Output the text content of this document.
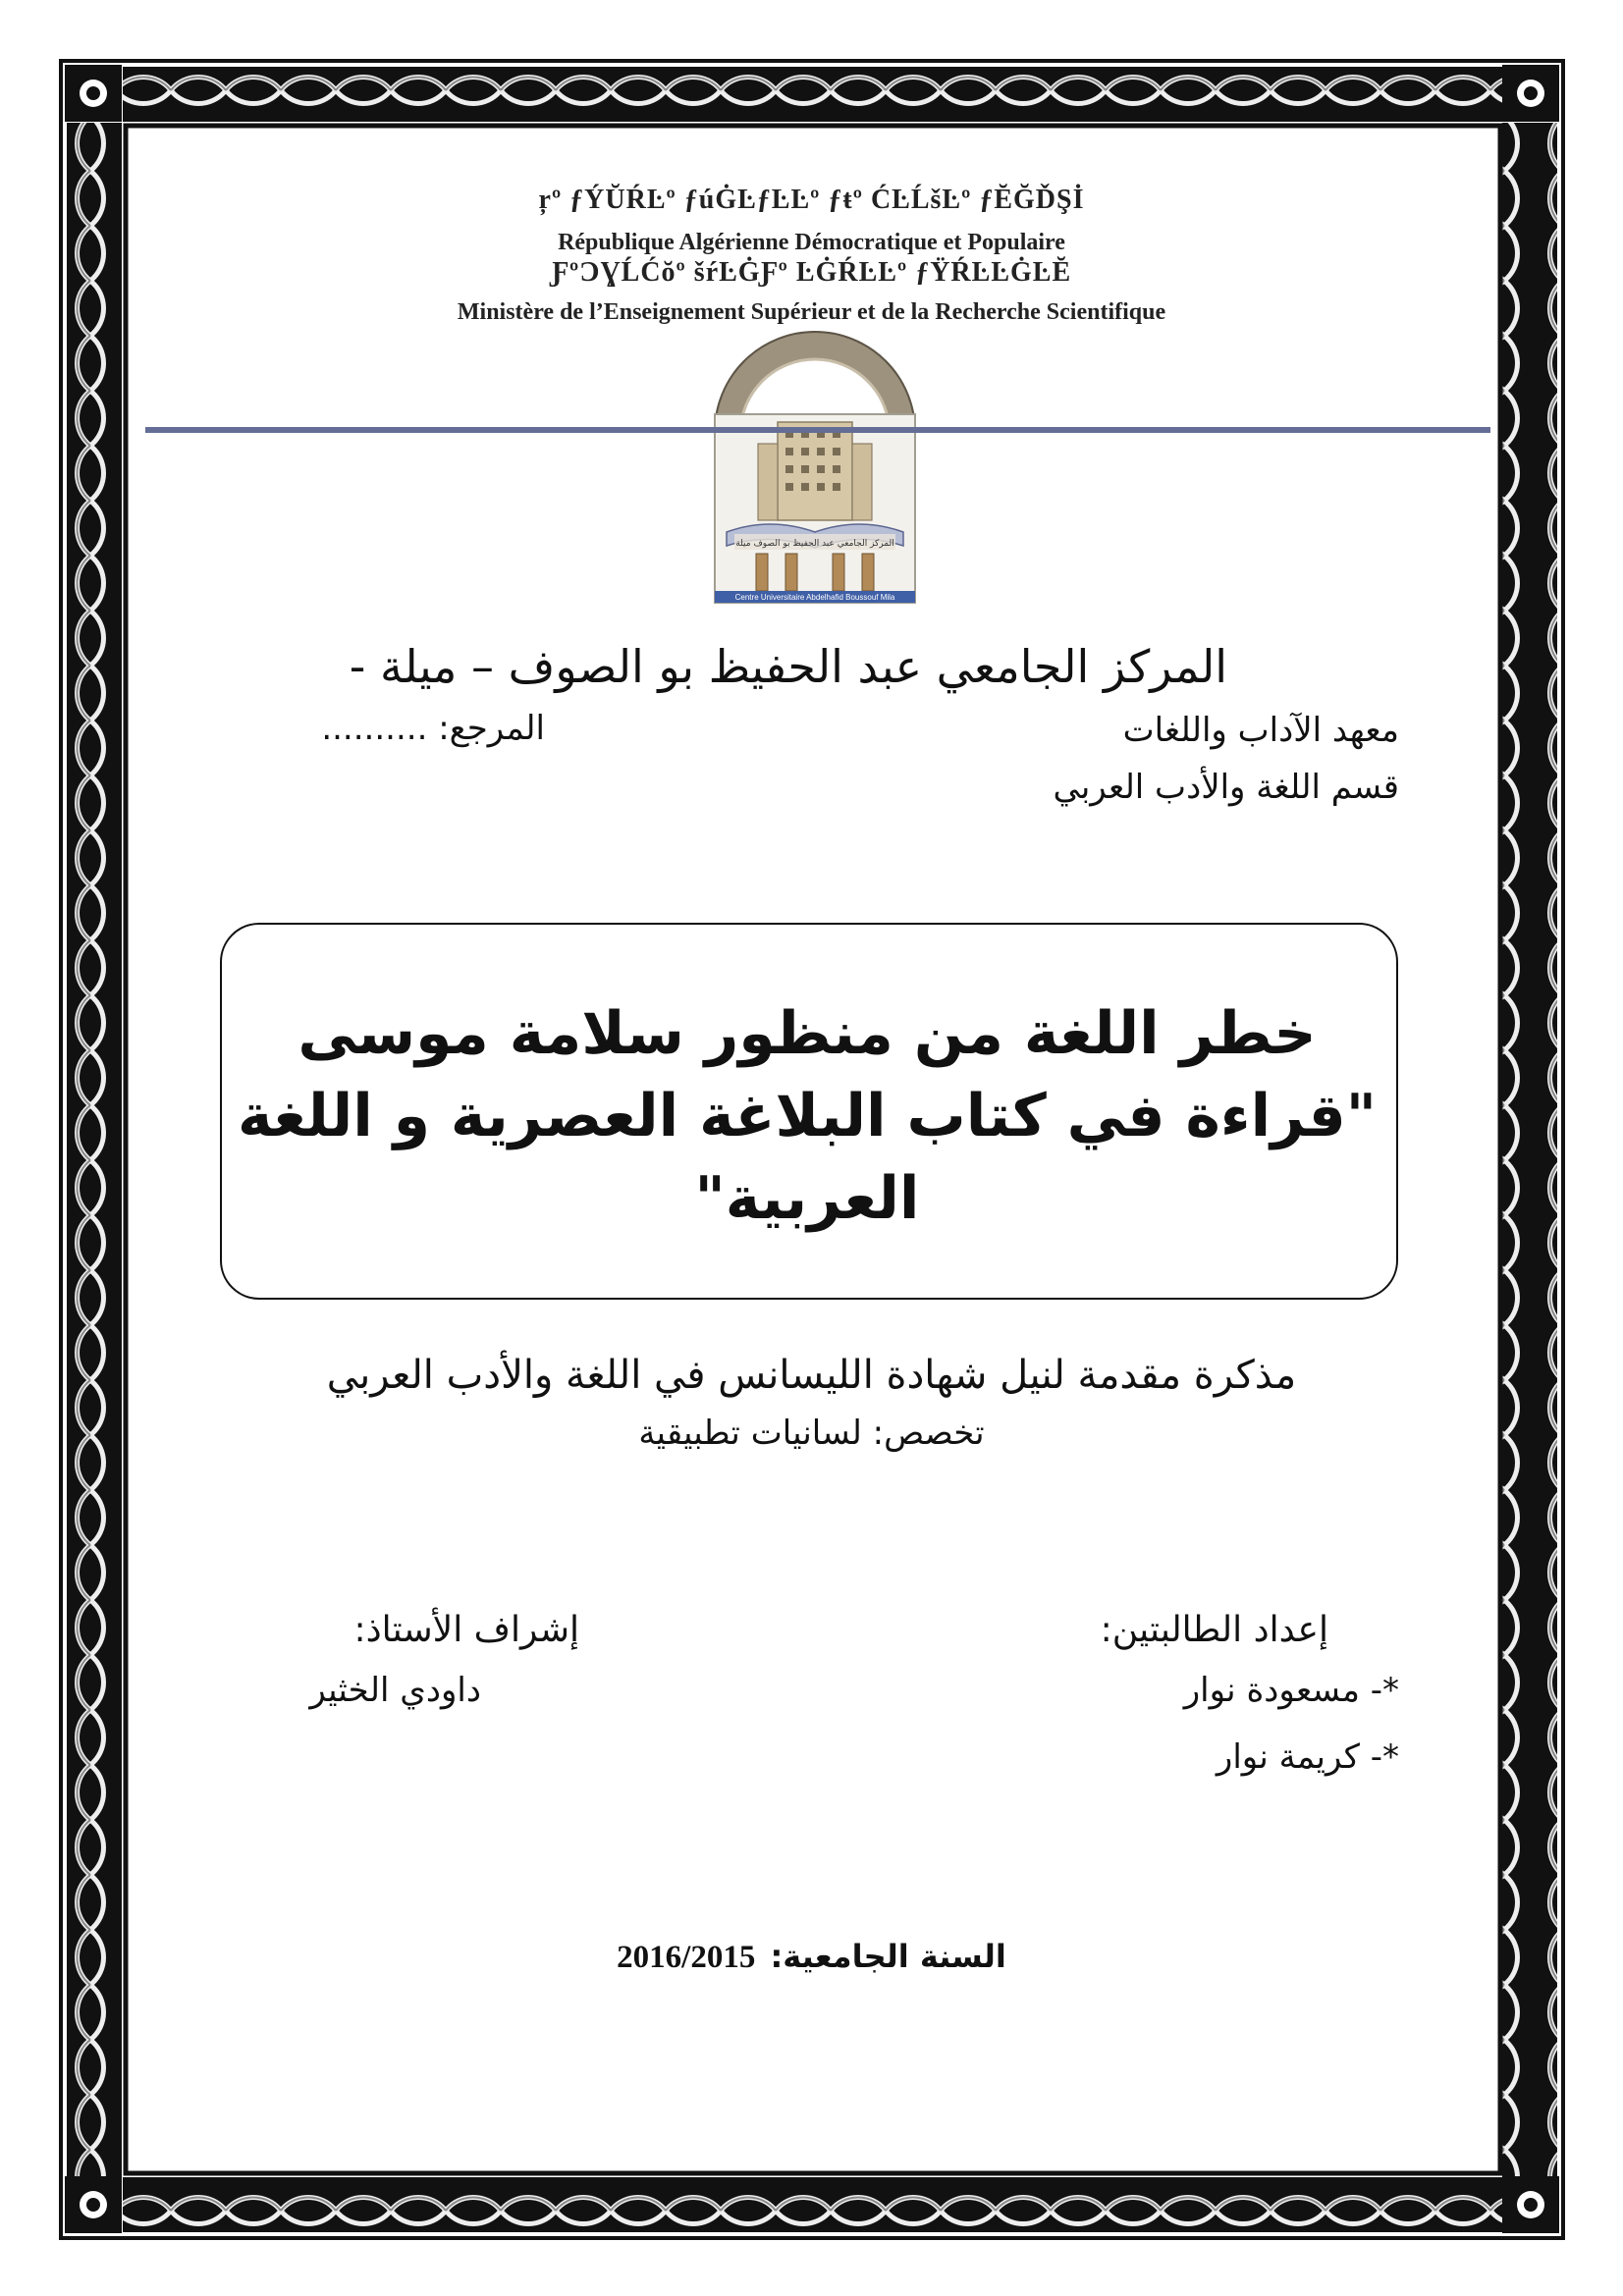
ŗº ƒÝŬŔĿº ƒúĠĿƒĿĿº ƒŧº ĆĿĹšĿº ƒĔĞĎŞİ
République Algérienne Démocratique et Populaire
ƑºƆƔĹĆŏº šŕĿĠƑº ĿĠŔĿĿº ƒŸŔĿĿĠĿĔ
Ministère de l’Enseignement Supérieur et de la Recherche Scientifique
المركز الجامعي عبد الحفيظ بو الصوف ميلة
Centre Universitaire Abdelhafid Boussouf Mila
المركز الجامعي عبد الحفيظ بو الصوف – ميلة -
معهد الآداب واللغات
المرجع: ..........
قسم اللغة والأدب العربي
خطر اللغة من منظور سلامة موسى
"قراءة في كتاب البلاغة العصرية و اللغة
العربية"
مذكرة مقدمة لنيل شهادة الليسانس في اللغة والأدب العربي
تخصص: لسانيات تطبيقية
إعداد الطالبتين:
*- مسعودة نوار
*- كريمة نوار
إشراف الأستاذ:
داودي الخثير
2016/2015 السنة الجامعية:
